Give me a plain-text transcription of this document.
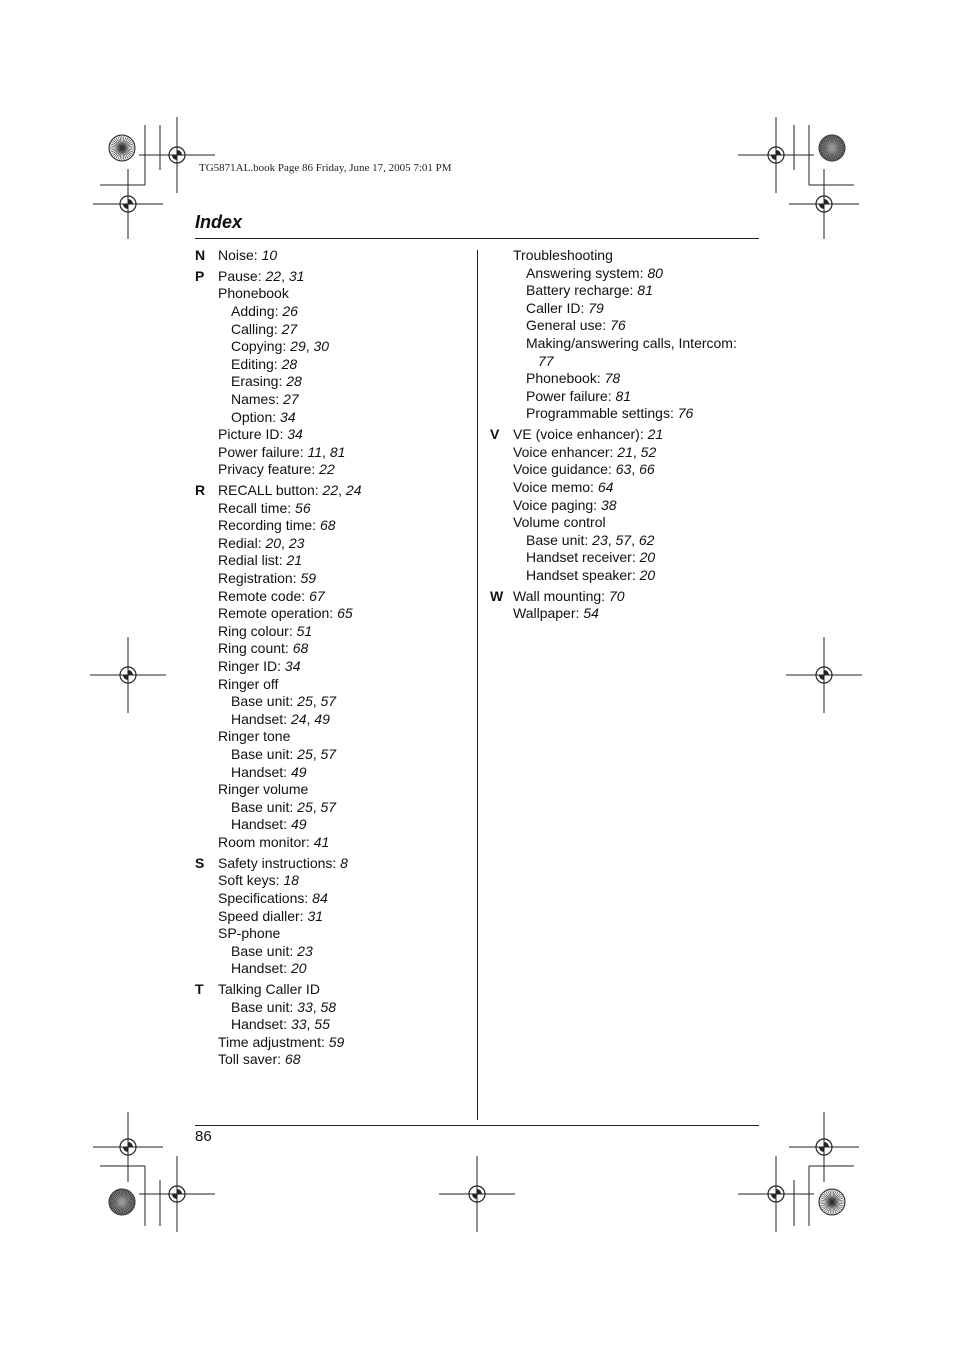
TG5871AL.book Page 86 Friday, June 17, 2005 7:01 PM
Index
N Noise: 10
P Pause: 22, 31
Phonebook
Adding: 26
Calling: 27
Copying: 29, 30
Editing: 28
Erasing: 28
Names: 27
Option: 34
Picture ID: 34
Power failure: 11, 81
Privacy feature: 22
R RECALL button: 22, 24
Recall time: 56
Recording time: 68
Redial: 20, 23
Redial list: 21
Registration: 59
Remote code: 67
Remote operation: 65
Ring colour: 51
Ring count: 68
Ringer ID: 34
Ringer off
Base unit: 25, 57
Handset: 24, 49
Ringer tone
Base unit: 25, 57
Handset: 49
Ringer volume
Base unit: 25, 57
Handset: 49
Room monitor: 41
S Safety instructions: 8
Soft keys: 18
Specifications: 84
Speed dialler: 31
SP-phone
Base unit: 23
Handset: 20
T	Talking Caller ID
Base unit: 33, 58
Handset: 33, 55
Time adjustment: 59
Toll saver: 68
Troubleshooting
Answering system: 80
Battery recharge: 81
Caller ID: 79
General use: 76
Making/answering calls, Intercom:
77
Phonebook: 78
Power failure: 81
Programmable settings: 76
V VE (voice enhancer): 21
Voice enhancer: 21, 52
Voice guidance: 63, 66
Voice memo: 64
Voice paging: 38
Volume control
Base unit: 23, 57, 62
Handset receiver: 20
Handset speaker: 20
W Wall mounting: 70
Wallpaper: 54
86
